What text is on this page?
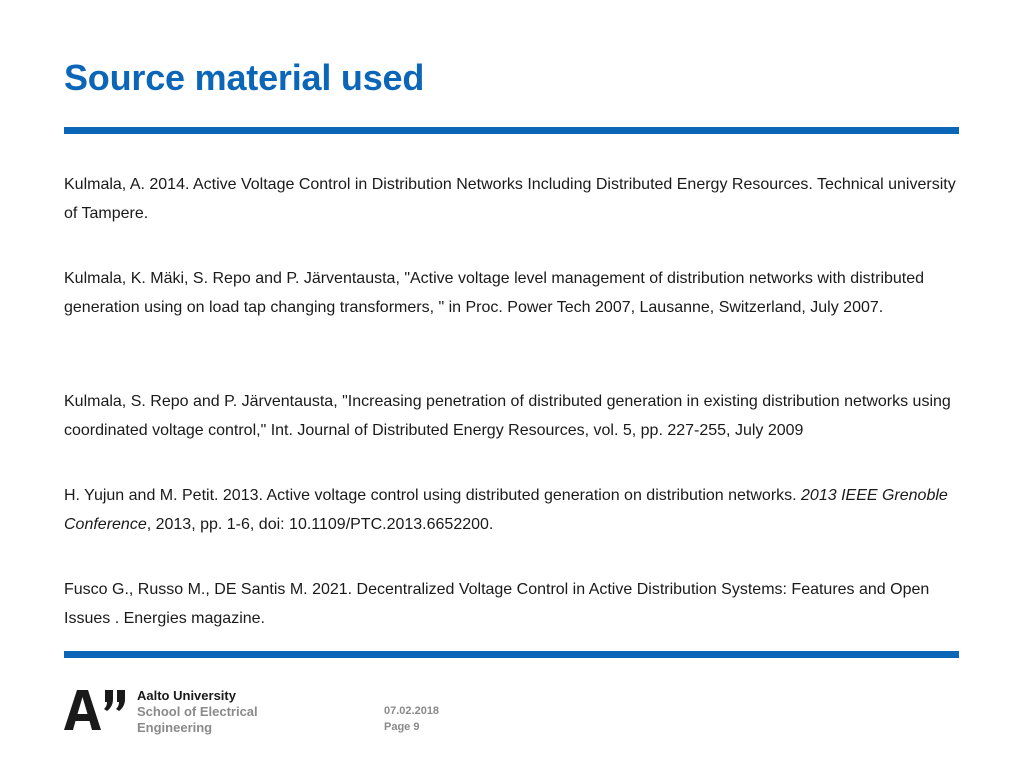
Source material used

Kulmala, A. 2014. Active Voltage Control in Distribution Networks Including Distributed Energy Resources. Technical university of Tampere.

Kulmala, K. Mäki, S. Repo and P. Järventausta, "Active voltage level management of distribution networks with distributed generation using on load tap changing transformers, " in Proc. Power Tech 2007, Lausanne, Switzerland, July 2007.

Kulmala, S. Repo and P. Järventausta, "Increasing penetration of distributed generation in existing distribution networks using coordinated voltage control," Int. Journal of Distributed Energy Resources, vol. 5, pp. 227-255, July 2009

H. Yujun and M. Petit. 2013. Active voltage control using distributed generation on distribution networks. 2013 IEEE Grenoble Conference, 2013, pp. 1-6, doi: 10.1109/PTC.2013.6652200.

Fusco G., Russo M., DE Santis M. 2021. Decentralized Voltage Control in Active Distribution Systems: Features and Open Issues . Energies magazine.

Aalto University
School of Electrical
Engineering
07.02.2018
Page 9
